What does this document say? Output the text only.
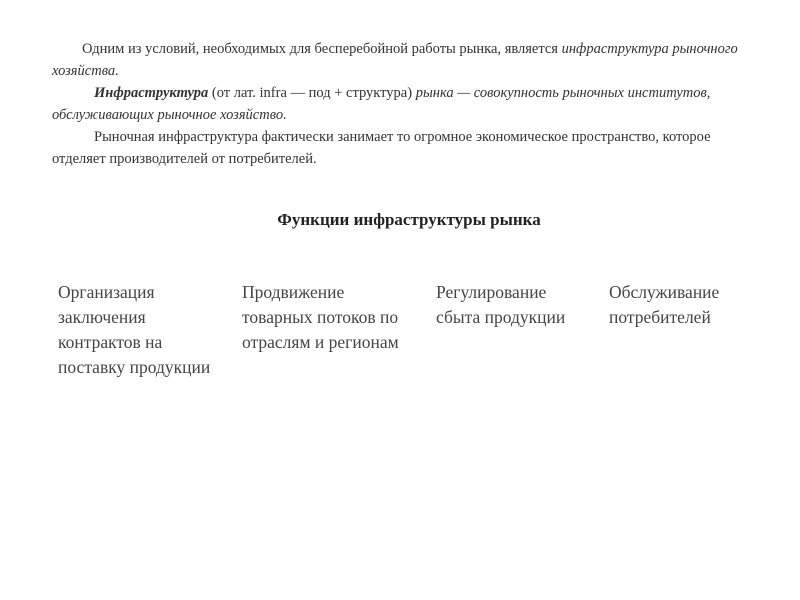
Одним из условий, необходимых для бесперебойной работы рынка, является инфраструктура рыночного хозяйства.

Инфраструктура (от лат. infra — под + структура) рынка — совокупность рыночных институтов, обслуживающих рыночное хозяйство.

Рыночная инфраструктура фактически занимает то огромное экономическое пространство, которое отделяет производителей от потребителей.

Функции инфраструктуры рынка
Организация заключения контрактов на поставку продукции
Продвижение товарных потоков по отраслям и регионам
Регулирование сбыта продукции
Обслуживание потребителей
